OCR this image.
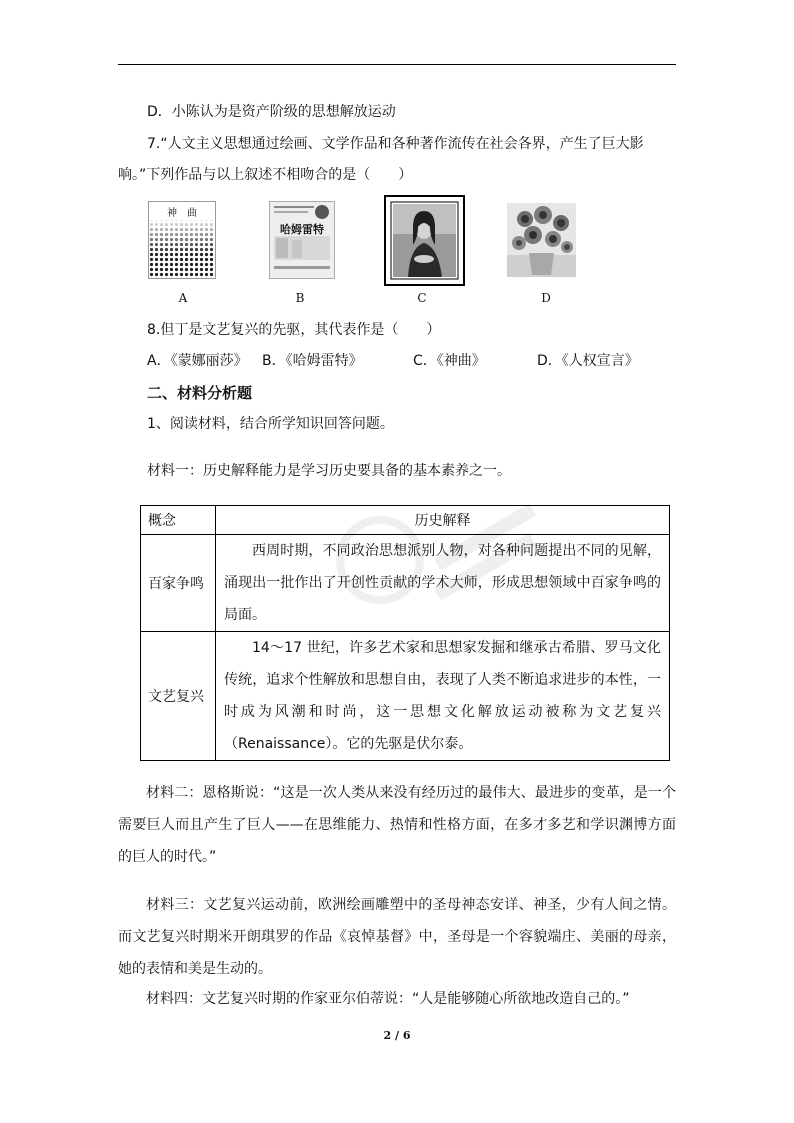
D．小陈认为是资产阶级的思想解放运动
7.“人文主义思想通过绘画、文学作品和各种著作流传在社会各界，产生了巨大影
响。”下列作品与以上叙述不相吻合的是（　　）
神　曲
哈姆雷特
A	B	C	D
8.但丁是文艺复兴的先驱，其代表作是（　　）
A．《蒙娜丽莎》 B．《哈姆雷特》	C．《神曲》	D．《人权宣言》
二、材料分析题
1、阅读材料，结合所学知识回答问题。
材料一：历史解释能力是学习历史要具备的基本素养之一。
概念	历史解释
百家争鸣	西周时期，不同政治思想派别人物，对各种问题提出不同的见解，涌现出一批作出了开创性贡献的学术大师，形成思想领域中百家争鸣的局面。

文艺复兴	14～17 世纪，许多艺术家和思想家发掘和继承古希腊、罗马文化传统，追求个性解放和思想自由，表现了人类不断追求进步的本性，一时成为风潮和时尚，这一思想文化解放运动被称为文艺复兴（Renaissance）。它的先驱是伏尔泰。
材料二：恩格斯说：“这是一次人类从来没有经历过的最伟大、最进步的变革，是一个需要巨人而且产生了巨人——在思维能力、热情和性格方面，在多才多艺和学识渊博方面的巨人的时代。”
材料三：文艺复兴运动前，欧洲绘画雕塑中的圣母神态安详、神圣，少有人间之情。而文艺复兴时期米开朗琪罗的作品《哀悼基督》中，圣母是一个容貌端庄、美丽的母亲，她的表情和美是生动的。
材料四：文艺复兴时期的作家亚尔伯蒂说：“人是能够随心所欲地改造自己的。”
2 / 6
